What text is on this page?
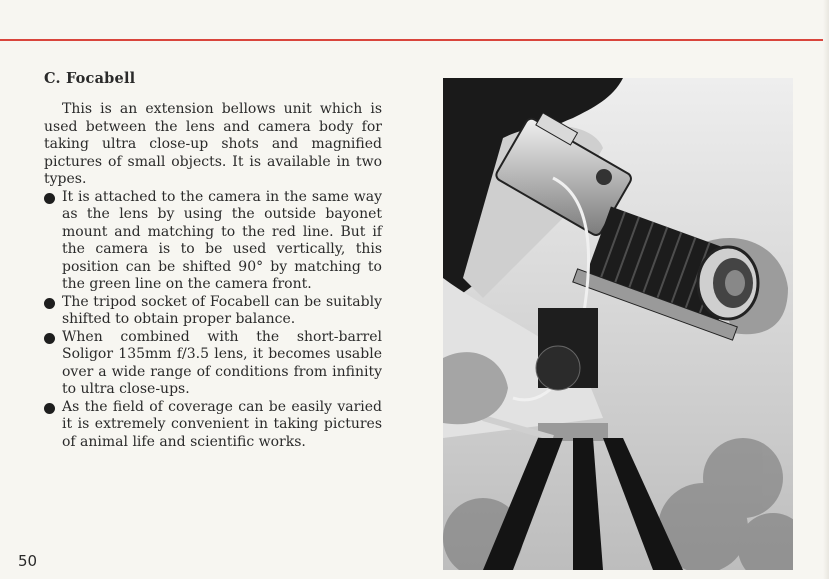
C. Focabell

This is an extension bellows unit which is used between the lens and camera body for taking ultra close-up shots and magnified pictures of small objects. It is available in two types.

It is attached to the camera in the same way as the lens by using the outside bayonet mount and matching to the red line. But if the camera is to be used vertically, this position can be shifted 90° by matching to the green line on the camera front.
The tripod socket of Focabell can be suitably shifted to obtain proper balance.
When combined with the short-barrel Soligor 135mm f/3.5 lens, it becomes usable over a wide range of conditions from infinity to ultra close-ups.
As the field of coverage can be easily varied it is extremely convenient in taking pictures of animal life and scientific works.
50
